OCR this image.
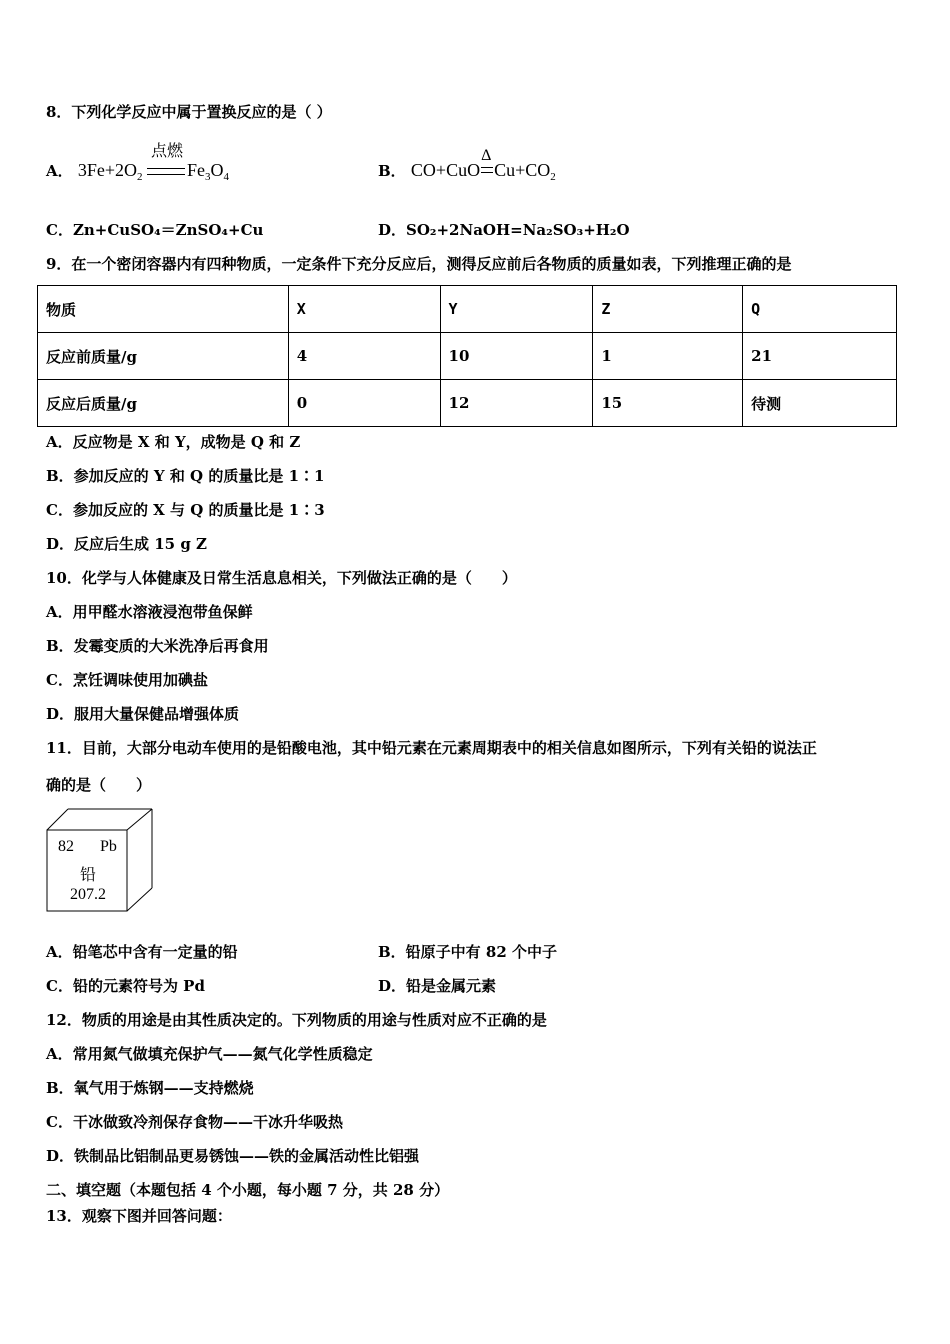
8．下列化学反应中属于置换反应的是（ ）
A． $3Fe+2O_2$
点燃
$Fe_3O_4$	B． CO+CuO
Δ
$Cu+CO_2$
C．Zn+CuSO₄＝ZnSO₄+Cu	D．SO₂+2NaOH=Na₂SO₃+H₂O
9．在一个密闭容器内有四种物质，一定条件下充分反应后，测得反应前后各物质的质量如表，下列推理正确的是
物质	X	Y	Z	Q
反应前质量/g	4	10	1	21
反应后质量/g	0	12	15	待测
A．反应物是 X 和 Y，成物是 Q 和 Z
B．参加反应的 Y 和 Q 的质量比是 1∶1
C．参加反应的 X 与 Q 的质量比是 1∶3
D．反应后生成 15 g Z
10．化学与人体健康及日常生活息息相关，下列做法正确的是（　　）
A．用甲醛水溶液浸泡带鱼保鲜
B．发霉变质的大米洗净后再食用
C．烹饪调味使用加碘盐
D．服用大量保健品增强体质
11．目前，大部分电动车使用的是铅酸电池，其中铅元素在元素周期表中的相关信息如图所示，下列有关铅的说法正
确的是（　　）
82 Pb
铅
207.2
A．铅笔芯中含有一定量的铅	B．铅原子中有 82 个中子
C．铅的元素符号为 Pd	D．铅是金属元素
12．物质的用途是由其性质决定的。下列物质的用途与性质对应不正确的是
A．常用氮气做填充保护气——氮气化学性质稳定
B．氧气用于炼钢——支持燃烧
C．干冰做致冷剂保存食物——干冰升华吸热
D．铁制品比铝制品更易锈蚀——铁的金属活动性比铝强
二、填空题（本题包括 4 个小题，每小题 7 分，共 28 分）
13．观察下图并回答问题：
